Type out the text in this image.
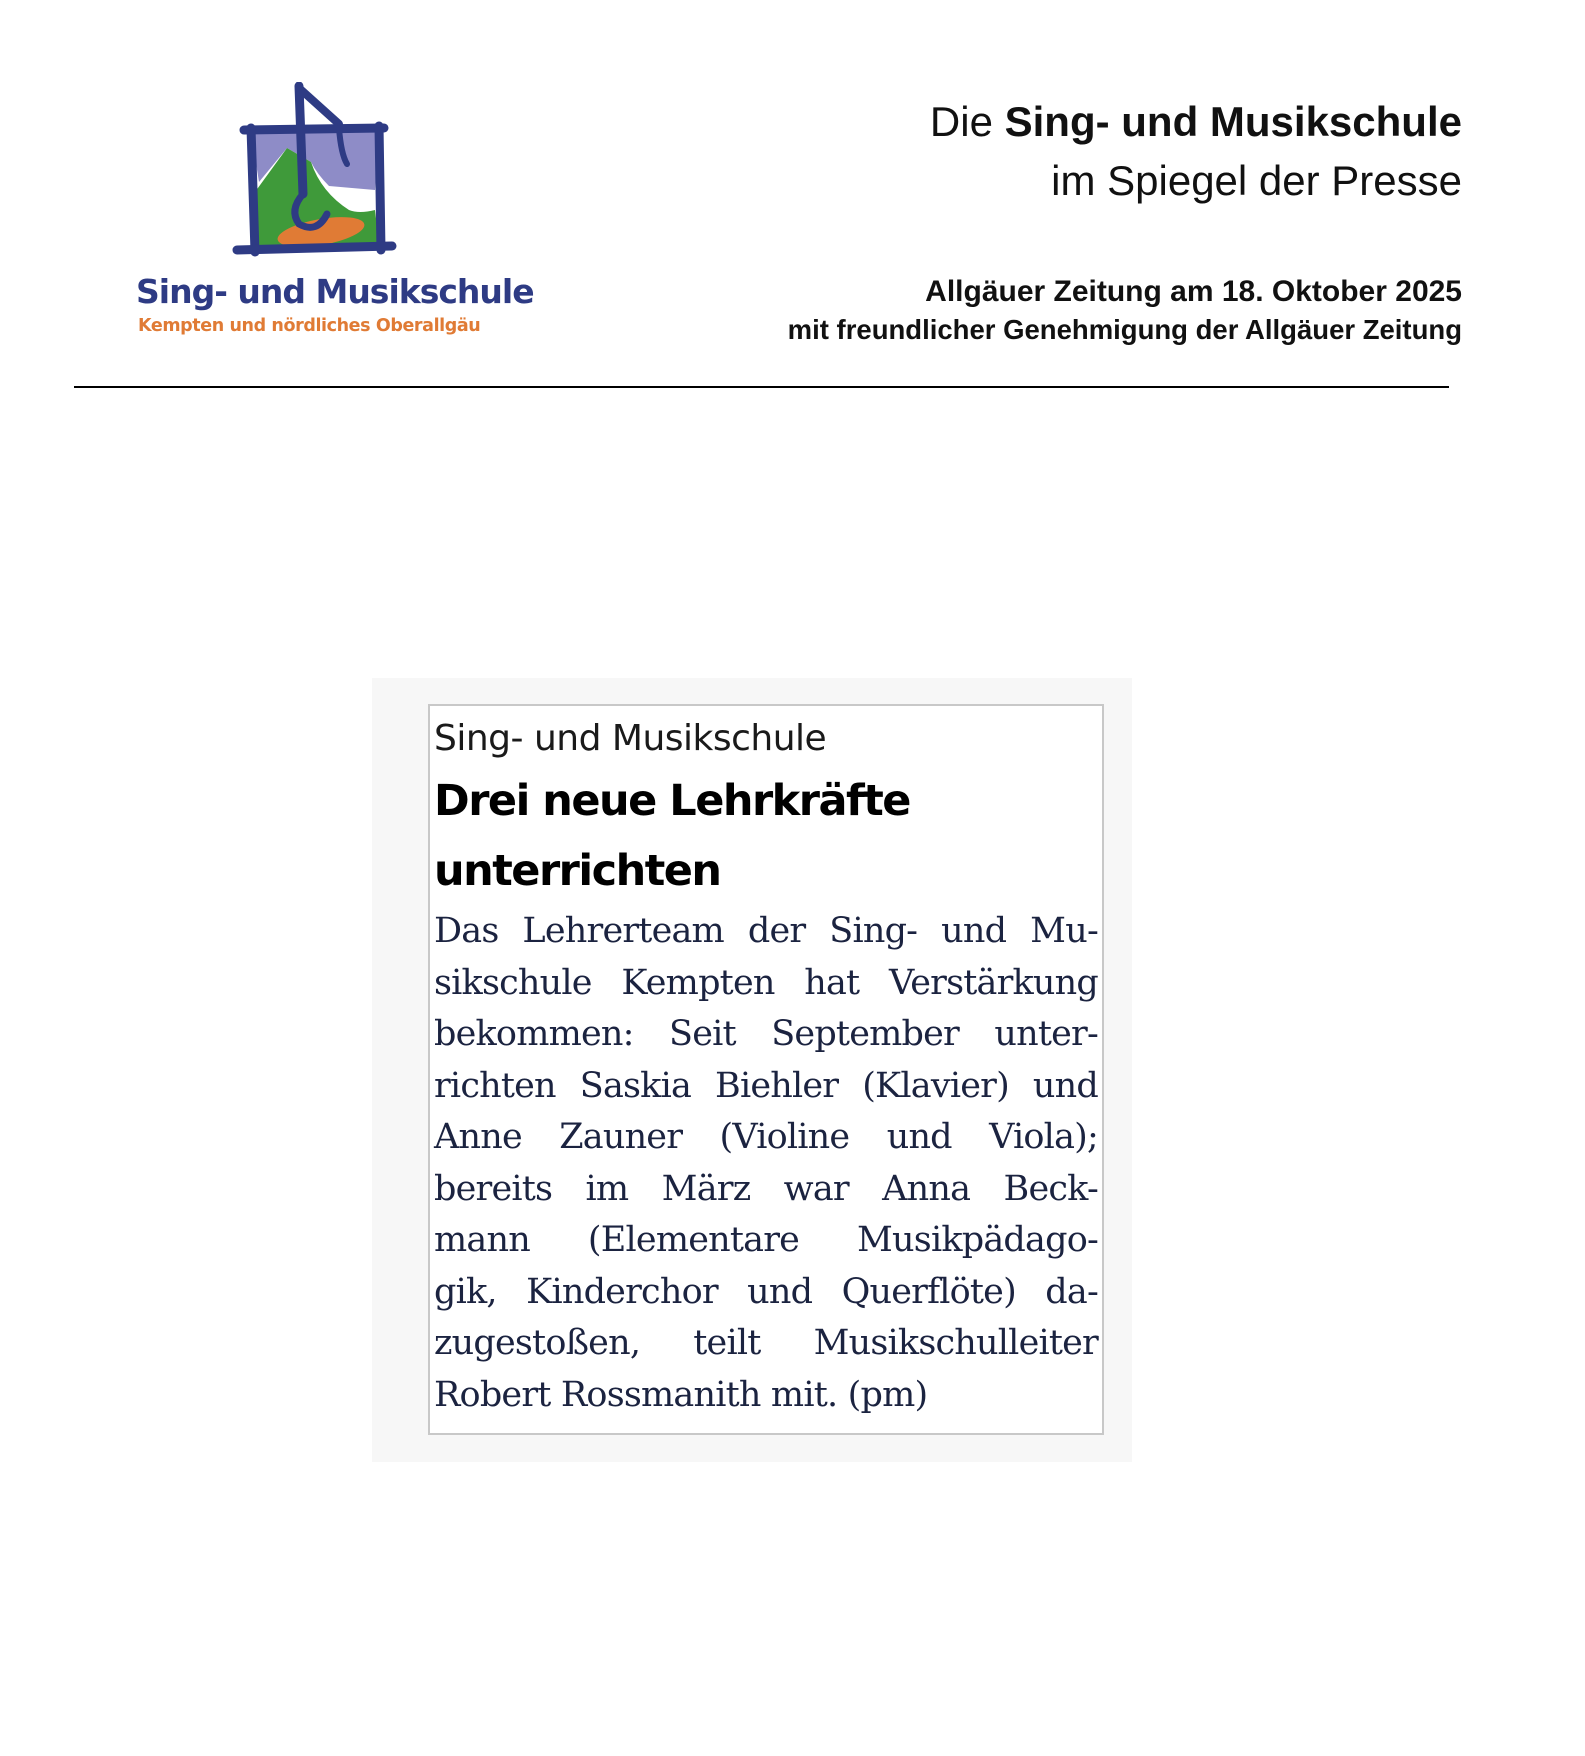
Sing- und Musikschule
Kempten und nördliches Oberallgäu
Die Sing- und Musikschule
im Spiegel der Presse
Allgäuer Zeitung am 18. Oktober 2025
mit freundlicher Genehmigung der Allgäuer Zeitung
Sing- und Musikschule
Drei neue Lehrkräfte
unterrichten
Das Lehrerteam der Sing- und Mu-
sikschule Kempten hat Verstärkung
bekommen: Seit September unter-
richten Saskia Biehler (Klavier) und
Anne Zauner (Violine und Viola);
bereits im März war Anna Beck-
mann (Elementare Musikpädago-
gik, Kinderchor und Querflöte) da-
zugestoßen, teilt Musikschulleiter
Robert Rossmanith mit. (pm)
